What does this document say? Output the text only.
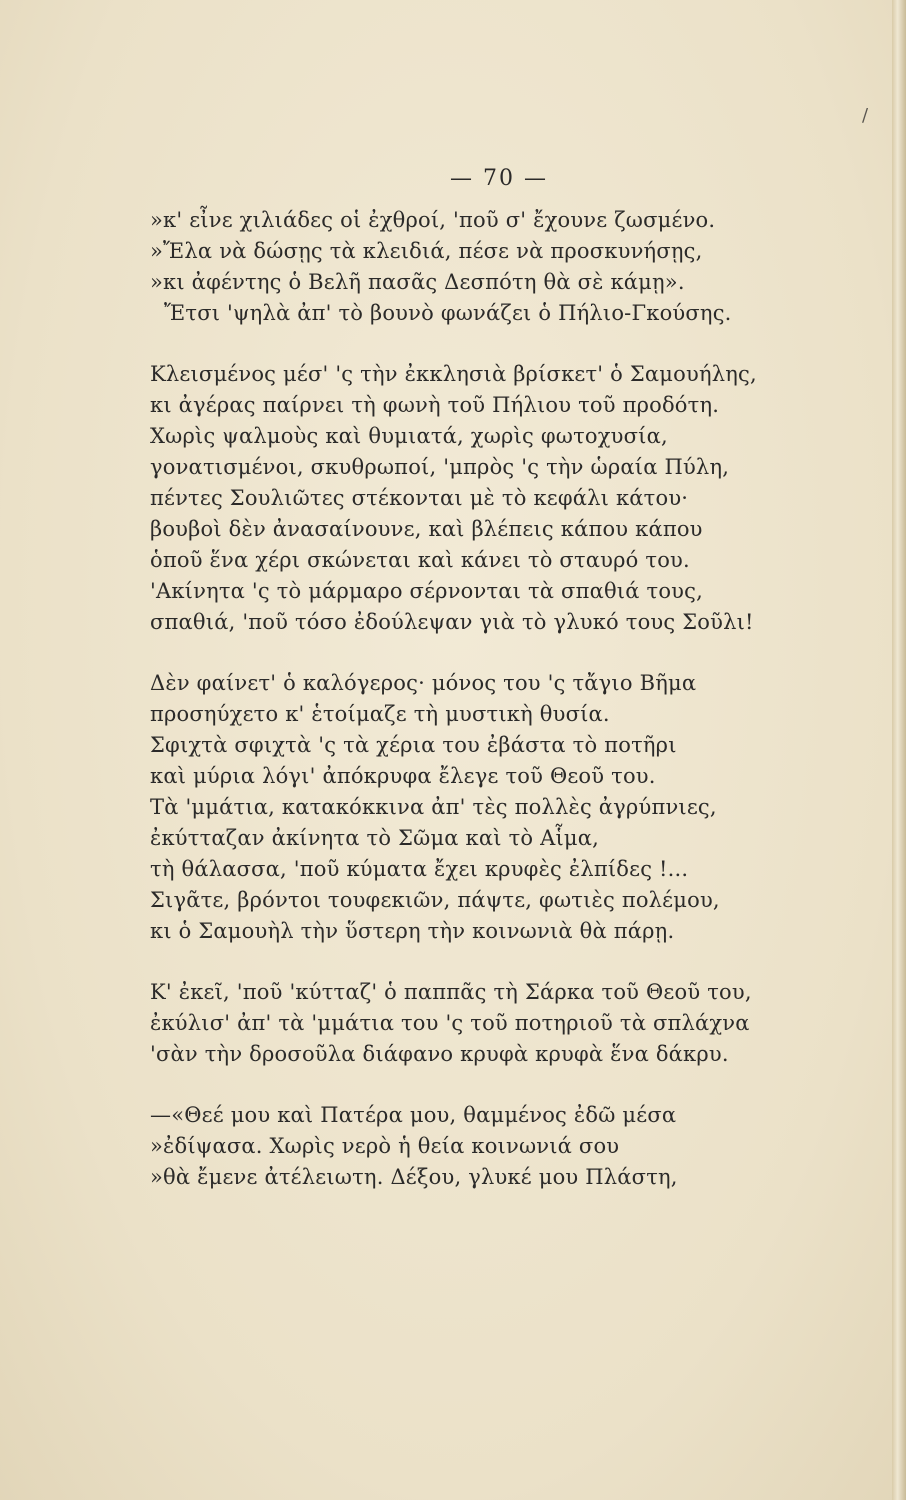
/
— 70 —

»κ' εἶνε χιλιάδες οἱ ἐχθροί, 'ποῦ σ' ἔχουνε ζωσμένο.
»Ἔλα νὰ δώσῃς τὰ κλειδιά, πέσε νὰ προσκυνήσῃς,
»κι ἀφέντης ὁ Βελῆ πασᾶς Δεσπότη θὰ σὲ κάμῃ».
Ἔτσι 'ψηλὰ ἀπ' τὸ βουνὸ φωνάζει ὁ Πήλιο-Γκούσης.

Κλεισμένος μέσ' 'ς τὴν ἐκκλησιὰ βρίσκετ' ὁ Σαμουήλης,
κι ἀγέρας παίρνει τὴ φωνὴ τοῦ Πήλιου τοῦ προδότη.
Χωρὶς ψαλμοὺς καὶ θυμιατά, χωρὶς φωτοχυσία,
γονατισμένοι, σκυθρωποί, 'μπρὸς 'ς τὴν ὡραία Πύλη,
πέντες Σουλιῶτες στέκονται μὲ τὸ κεφάλι κάτου·
βουβοὶ δὲν ἀνασαίνουνε, καὶ βλέπεις κάπου κάπου
ὁποῦ ἕνα χέρι σκώνεται καὶ κάνει τὸ σταυρό του.
'Ακίνητα 'ς τὸ μάρμαρο σέρνονται τὰ σπαθιά τους,
σπαθιά, 'ποῦ τόσο ἐδούλεψαν γιὰ τὸ γλυκό τους Σοῦλι!

Δὲν φαίνετ' ὁ καλόγερος· μόνος του 'ς τἄγιο Βῆμα
προσηύχετο κ' ἑτοίμαζε τὴ μυστικὴ θυσία.
Σφιχτὰ σφιχτὰ 'ς τὰ χέρια του ἐβάστα τὸ ποτῆρι
καὶ μύρια λόγι' ἀπόκρυφα ἔλεγε τοῦ Θεοῦ του.
Τὰ 'μμάτια, κατακόκκινα ἀπ' τὲς πολλὲς ἀγρύπνιες,
ἐκύτταζαν ἀκίνητα τὸ Σῶμα καὶ τὸ Αἷμα,
τὴ θάλασσα, 'ποῦ κύματα ἔχει κρυφὲς ἐλπίδες !...
Σιγᾶτε, βρόντοι τουφεκιῶν, πάψτε, φωτιὲς πολέμου,
κι ὁ Σαμουὴλ τὴν ὕστερη τὴν κοινωνιὰ θὰ πάρῃ.

Κ' ἐκεῖ, 'ποῦ 'κύτταζ' ὁ παππᾶς τὴ Σάρκα τοῦ Θεοῦ του,
ἐκύλισ' ἀπ' τὰ 'μμάτια του 'ς τοῦ ποτηριοῦ τὰ σπλάχνα
'σὰν τὴν δροσοῦλα διάφανο κρυφὰ κρυφὰ ἕνα δάκρυ.

—«Θεέ μου καὶ Πατέρα μου, θαμμένος ἐδῶ μέσα
»ἐδίψασα. Χωρὶς νερὸ ἡ θεία κοινωνιά σου
»θὰ ἔμενε ἀτέλειωτη. Δέξου, γλυκέ μου Πλάστη,
